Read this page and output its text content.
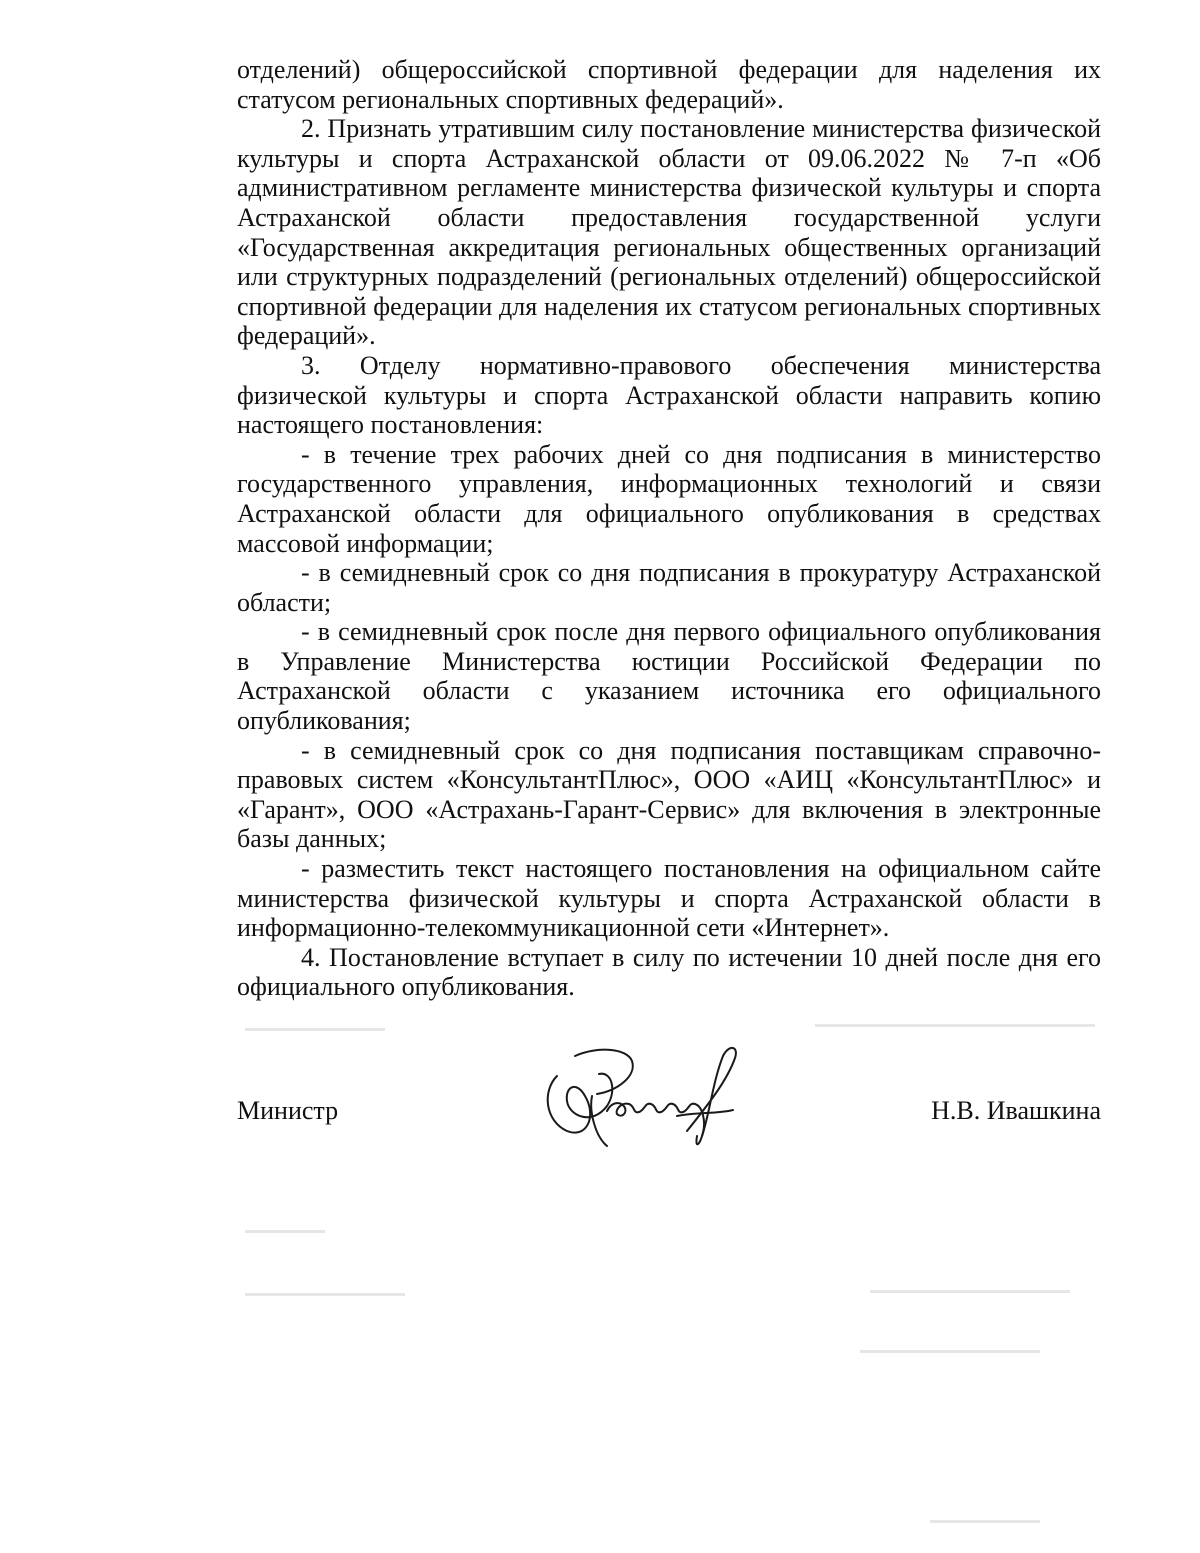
отделений) общероссийской спортивной федерации для наделения их статусом региональных спортивных федераций».

2. Признать утратившим силу постановление министерства физической культуры и спорта Астраханской области от 09.06.2022 № 7-п «Об административном регламенте министерства физической культуры и спорта Астраханской области предоставления государственной услуги «Государственная аккредитация региональных общественных организаций или структурных подразделений (региональных отделений) общероссийской спортивной федерации для наделения их статусом региональных спортивных федераций».

3. Отделу нормативно-правового обеспечения министерства физической культуры и спорта Астраханской области направить копию настоящего постановления:

- в течение трех рабочих дней со дня подписания в министерство государственного управления, информационных технологий и связи Астраханской области для официального опубликования в средствах массовой информации;

- в семидневный срок со дня подписания в прокуратуру Астраханской области;

- в семидневный срок после дня первого официального опубликования в Управление Министерства юстиции Российской Федерации по Астраханской области с указанием источника его официального опубликования;

- в семидневный срок со дня подписания поставщикам справочно-правовых систем «КонсультантПлюс», ООО «АИЦ «КонсультантПлюс» и «Гарант», ООО «Астрахань-Гарант-Сервис» для включения в электронные базы данных;

- разместить текст настоящего постановления на официальном сайте министерства физической культуры и спорта Астраханской области в информационно-телекоммуникационной сети «Интернет».

4. Постановление вступает в силу по истечении 10 дней после дня его официального опубликования.

Министр	Н.В. Ивашкина
